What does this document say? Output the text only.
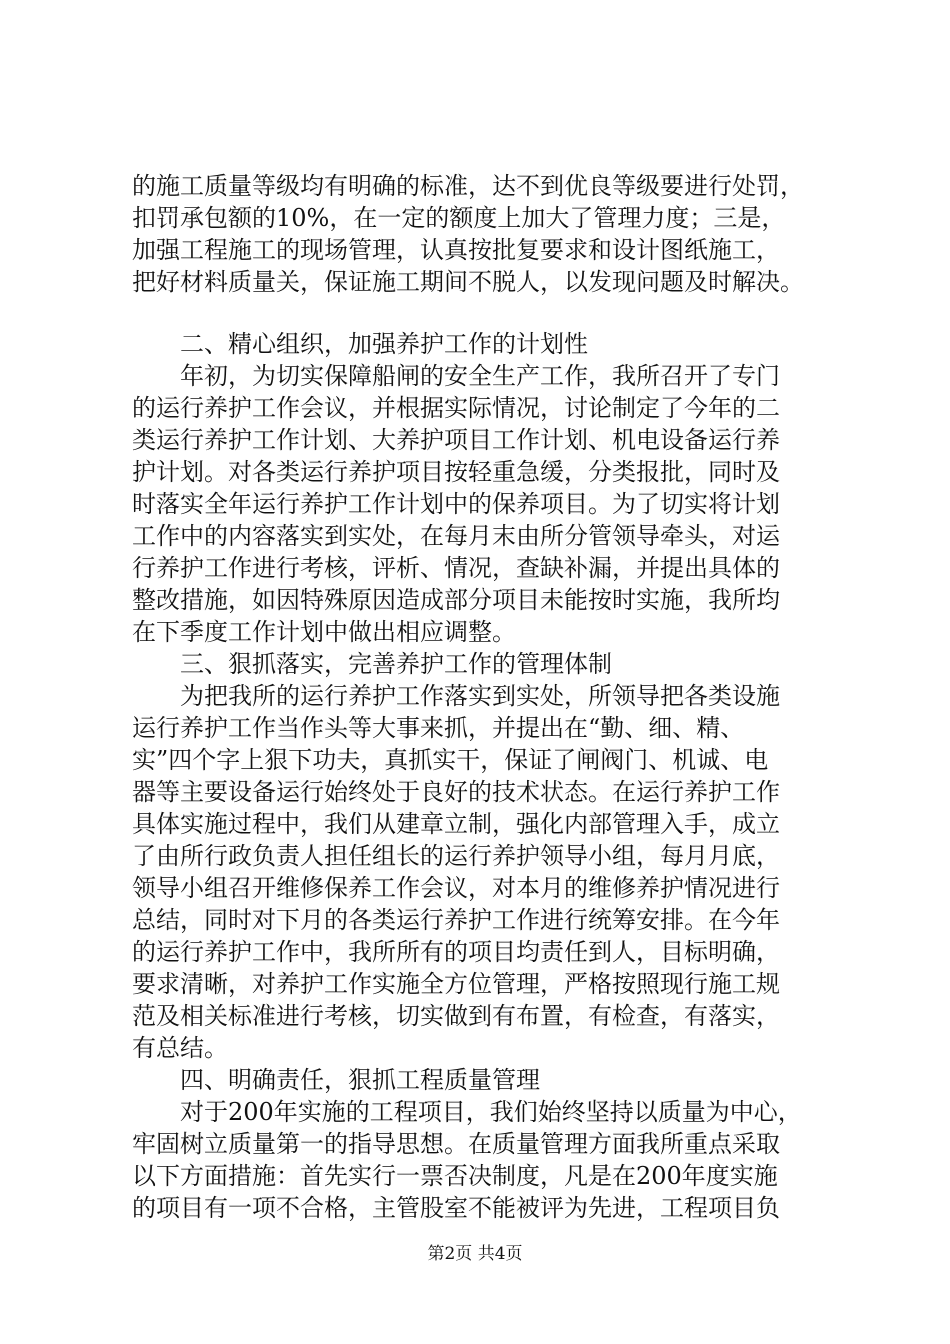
的施工质量等级均有明确的标准，达不到优良等级要进行处罚，
扣罚承包额的10%，在一定的额度上加大了管理力度；三是，
加强工程施工的现场管理，认真按批复要求和设计图纸施工，
把好材料质量关，保证施工期间不脱人，以发现问题及时解决。
二、精心组织，加强养护工作的计划性
年初，为切实保障船闸的安全生产工作，我所召开了专门
的运行养护工作会议，并根据实际情况，讨论制定了今年的二
类运行养护工作计划、大养护项目工作计划、机电设备运行养
护计划。对各类运行养护项目按轻重急缓，分类报批，同时及
时落实全年运行养护工作计划中的保养项目。为了切实将计划
工作中的内容落实到实处，在每月末由所分管领导牵头，对运
行养护工作进行考核，评析、情况，查缺补漏，并提出具体的
整改措施，如因特殊原因造成部分项目未能按时实施，我所均
在下季度工作计划中做出相应调整。
三、狠抓落实，完善养护工作的管理体制
为把我所的运行养护工作落实到实处，所领导把各类设施
运行养护工作当作头等大事来抓，并提出在“勤、细、精、
实”四个字上狠下功夫，真抓实干，保证了闸阀门、机诚、电
器等主要设备运行始终处于良好的技术状态。在运行养护工作
具体实施过程中，我们从建章立制，强化内部管理入手，成立
了由所行政负责人担任组长的运行养护领导小组，每月月底，
领导小组召开维修保养工作会议，对本月的维修养护情况进行
总结，同时对下月的各类运行养护工作进行统筹安排。在今年
的运行养护工作中，我所所有的项目均责任到人，目标明确，
要求清晰，对养护工作实施全方位管理，严格按照现行施工规
范及相关标准进行考核，切实做到有布置，有检查，有落实，
有总结。
四、明确责任，狠抓工程质量管理
对于200年实施的工程项目，我们始终坚持以质量为中心，
牢固树立质量第一的指导思想。在质量管理方面我所重点采取
以下方面措施：首先实行一票否决制度，凡是在200年度实施
的项目有一项不合格，主管股室不能被评为先进，工程项目负
第2页 共4页
